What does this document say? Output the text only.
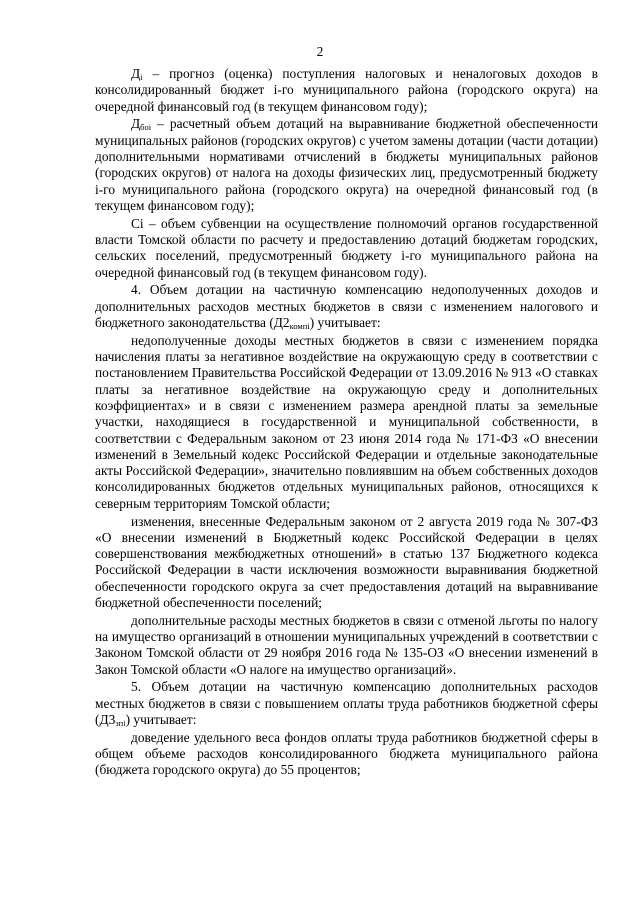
2

$Д_i$ – прогноз (оценка) поступления налоговых и неналоговых доходов в консолидированный бюджет i-го муниципального района (городского округа) на очередной финансовый год (в текущем финансовом году);

$Д_{бoi}$ – расчетный объем дотаций на выравнивание бюджетной обеспеченности муниципальных районов (городских округов) с учетом замены дотации (части дотации) дополнительными нормативами отчислений в бюджеты муниципальных районов (городских округов) от налога на доходы физических лиц, предусмотренный бюджету i-го муниципального района (городского округа) на очередной финансовый год (в текущем финансовом году);

Сi – объем субвенции на осуществление полномочий органов государственной власти Томской области по расчету и предоставлению дотаций бюджетам городских, сельских поселений, предусмотренный бюджету i-го муниципального района на очередной финансовый год (в текущем финансовом году).

4. Объем дотации на частичную компенсацию недополученных доходов и дополнительных расходов местных бюджетов в связи с изменением налогового и бюджетного законодательства $(Д2_{компi})$ учитывает:

недополученные доходы местных бюджетов в связи с изменением порядка начисления платы за негативное воздействие на окружающую среду в соответствии с постановлением Правительства Российской Федерации от 13.09.2016 № 913 «О ставках платы за негативное воздействие на окружающую среду и дополнительных коэффициентах» и в связи с изменением размера арендной платы за земельные участки, находящиеся в государственной и муниципальной собственности, в соответствии с Федеральным законом от 23 июня 2014 года № 171-ФЗ «О внесении изменений в Земельный кодекс Российской Федерации и отдельные законодательные акты Российской Федерации», значительно повлиявшим на объем собственных доходов консолидированных бюджетов отдельных муниципальных районов, относящихся к северным территориям Томской области;

изменения, внесенные Федеральным законом от 2 августа 2019 года № 307-ФЗ «О внесении изменений в Бюджетный кодекс Российской Федерации в целях совершенствования межбюджетных отношений» в статью 137 Бюджетного кодекса Российской Федерации в части исключения возможности выравнивания бюджетной обеспеченности городского округа за счет предоставления дотаций на выравнивание бюджетной обеспеченности поселений;

дополнительные расходы местных бюджетов в связи с отменой льготы по налогу на имущество организаций в отношении муниципальных учреждений в соответствии с Законом Томской области от 29 ноября 2016 года № 135-ОЗ «О внесении изменений в Закон Томской области «О налоге на имущество организаций».

5. Объем дотации на частичную компенсацию дополнительных расходов местных бюджетов в связи с повышением оплаты труда работников бюджетной сферы $(Д3_{зпi})$ учитывает:

доведение удельного веса фондов оплаты труда работников бюджетной сферы в общем объеме расходов консолидированного бюджета муниципального района (бюджета городского округа) до 55 процентов;
